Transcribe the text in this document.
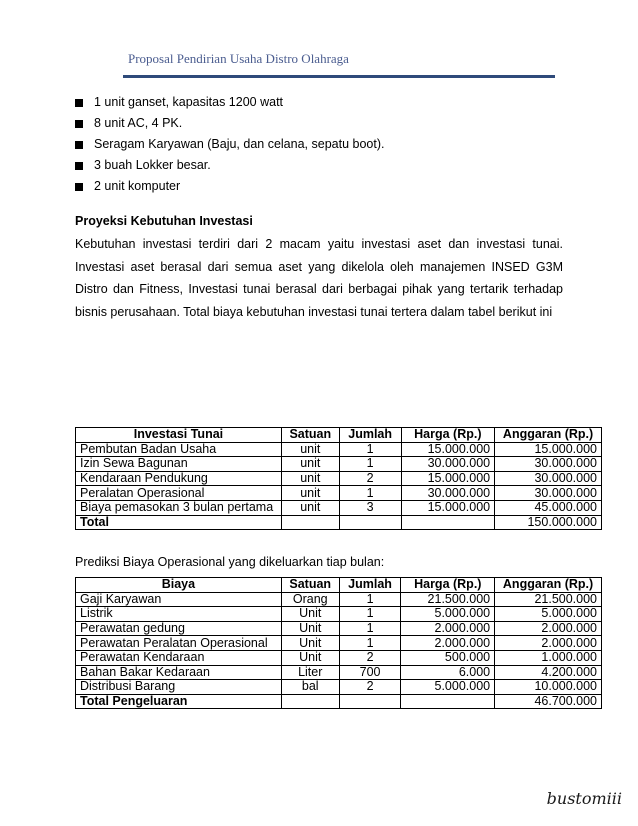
Proposal Pendirian Usaha Distro Olahraga
1 unit ganset, kapasitas 1200 watt
8 unit AC, 4 PK.
Seragam Karyawan (Baju, dan celana, sepatu boot).
3 buah Lokker besar.
2 unit komputer
Proyeksi Kebutuhan Investasi

Kebutuhan investasi terdiri dari 2 macam yaitu investasi aset dan investasi tunai. Investasi aset berasal dari semua aset yang dikelola oleh manajemen INSED G3M Distro dan Fitness, Investasi tunai berasal dari berbagai pihak yang tertarik terhadap bisnis perusahaan. Total biaya kebutuhan investasi tunai tertera dalam tabel berikut ini

Investasi Tunai	Satuan	Jumlah	Harga (Rp.)	Anggaran (Rp.)
Pembutan Badan Usaha	unit	1	15.000.000	15.000.000
Izin Sewa Bagunan	unit	1	30.000.000	30.000.000
Kendaraan Pendukung	unit	2	15.000.000	30.000.000
Peralatan Operasional	unit	1	30.000.000	30.000.000
Biaya pemasokan 3 bulan pertama	unit	3	15.000.000	45.000.000
Total				150.000.000
Prediksi Biaya Operasional yang dikeluarkan tiap bulan:
Biaya	Satuan	Jumlah	Harga (Rp.)	Anggaran (Rp.)
Gaji Karyawan	Orang	1	21.500.000	21.500.000
Listrik	Unit	1	5.000.000	5.000.000
Perawatan gedung	Unit	1	2.000.000	2.000.000
Perawatan Peralatan Operasional	Unit	1	2.000.000	2.000.000
Perawatan Kendaraan	Unit	2	500.000	1.000.000
Bahan Bakar Kedaraan	Liter	700	6.000	4.200.000
Distribusi Barang	bal	2	5.000.000	10.000.000
Total Pengeluaran				46.700.000
bustomiii
